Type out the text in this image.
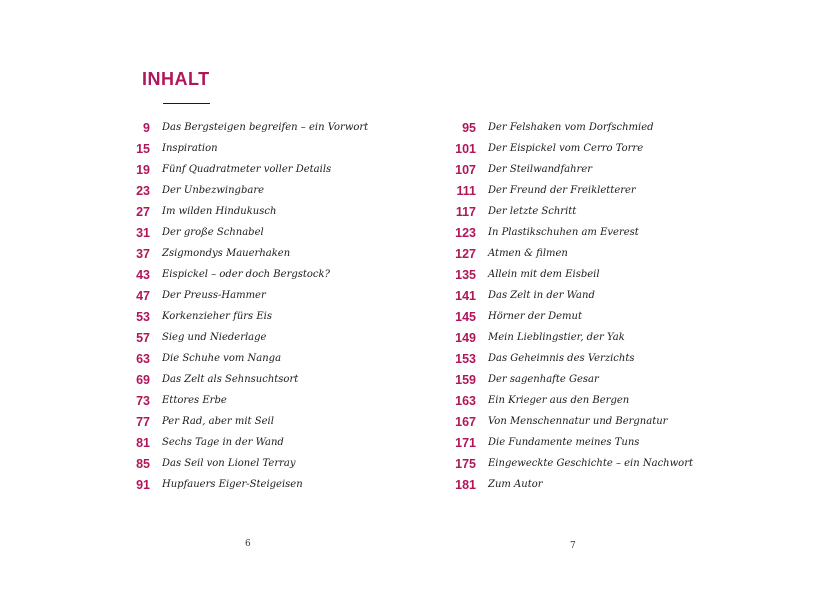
INHALT
9 Das Bergsteigen begreifen – ein Vorwort
15 Inspiration
19 Fünf Quadratmeter voller Details
23 Der Unbezwingbare
27 Im wilden Hindukusch
31 Der große Schnabel
37 Zsigmondys Mauerhaken
43 Eispickel – oder doch Bergstock?
47 Der Preuss-Hammer
53 Korkenzieher fürs Eis
57 Sieg und Niederlage
63 Die Schuhe vom Nanga
69 Das Zelt als Sehnsuchtsort
73 Ettores Erbe
77 Per Rad, aber mit Seil
81 Sechs Tage in der Wand
85 Das Seil von Lionel Terray
91 Hupfauers Eiger-Steigeisen
95 Der Felshaken vom Dorfschmied
101 Der Eispickel vom Cerro Torre
107 Der Steilwandfahrer
111 Der Freund der Freikletterer
117 Der letzte Schritt
123 In Plastikschuhen am Everest
127 Atmen & filmen
135 Allein mit dem Eisbeil
141 Das Zelt in der Wand
145 Hörner der Demut
149 Mein Lieblingstier, der Yak
153 Das Geheimnis des Verzichts
159 Der sagenhafte Gesar
163 Ein Krieger aus den Bergen
167 Von Menschennatur und Bergnatur
171 Die Fundamente meines Tuns
175 Eingeweckte Geschichte – ein Nachwort
181 Zum Autor
6	7
